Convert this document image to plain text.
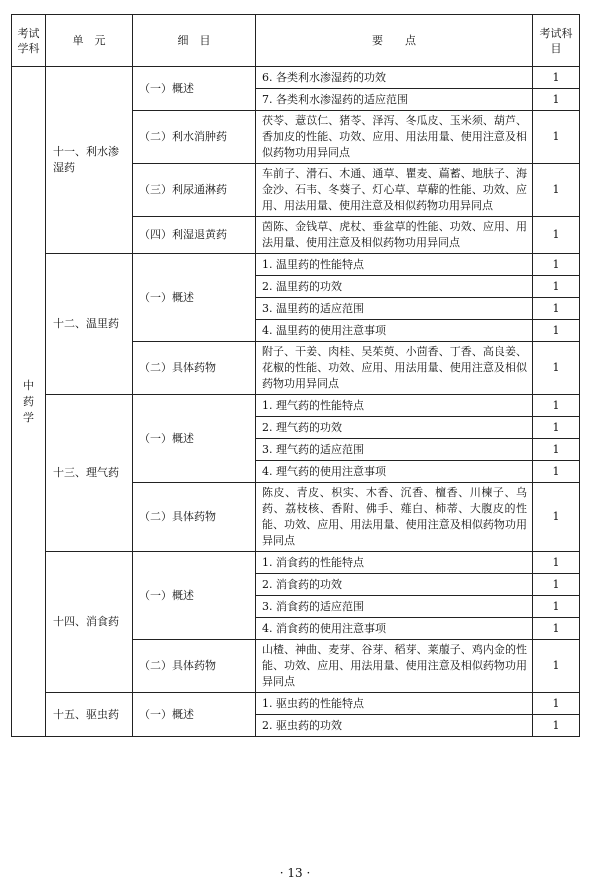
考试学科	单　元	细　目	要　　点	考试科目
中药学	十一、利水渗湿药	（一）概述	6. 各类利水渗湿药的功效	1
			7. 各类利水渗湿药的适应范围	1
		（二）利水消肿药	茯苓、薏苡仁、猪苓、泽泻、冬瓜皮、玉米须、葫芦、香加皮的性能、功效、应用、用法用量、使用注意及相似药物功用异同点	1
		（三）利尿通淋药	车前子、滑石、木通、通草、瞿麦、萹蓄、地肤子、海金沙、石韦、冬葵子、灯心草、草薢的性能、功效、应用、用法用量、使用注意及相似药物功用异同点	1
		（四）利湿退黄药	茵陈、金钱草、虎杖、垂盆草的性能、功效、应用、用法用量、使用注意及相似药物功用异同点	1
	十二、温里药	（一）概述	1. 温里药的性能特点	1
			2. 温里药的功效	1
			3. 温里药的适应范围	1
			4. 温里药的使用注意事项	1
		（二）具体药物	附子、干姜、肉桂、吴茱萸、小茴香、丁香、高良姜、花椒的性能、功效、应用、用法用量、使用注意及相似药物功用异同点	1
	十三、理气药	（一）概述	1. 理气药的性能特点	1
			2. 理气药的功效	1
			3. 理气药的适应范围	1
			4. 理气药的使用注意事项	1
		（二）具体药物	陈皮、青皮、枳实、木香、沉香、檀香、川楝子、乌药、荔枝核、香附、佛手、薤白、柿蒂、大腹皮的性能、功效、应用、用法用量、使用注意及相似药物功用异同点	1
	十四、消食药	（一）概述	1. 消食药的性能特点	1
			2. 消食药的功效	1
			3. 消食药的适应范围	1
			4. 消食药的使用注意事项	1
		（二）具体药物	山楂、神曲、麦芽、谷芽、稻芽、莱菔子、鸡内金的性能、功效、应用、用法用量、使用注意及相似药物功用异同点	1
	十五、驱虫药	（一）概述	1. 驱虫药的性能特点	1
			2. 驱虫药的功效	1
· 13 ·
